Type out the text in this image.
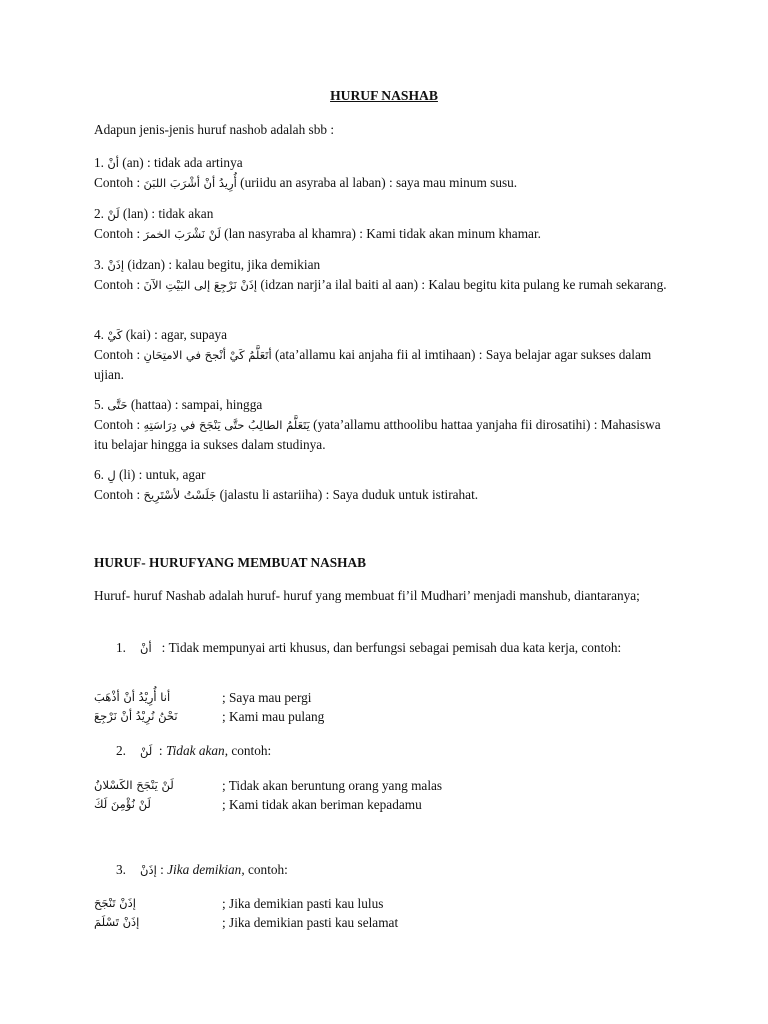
HURUF NASHAB
Adapun jenis-jenis huruf nashob adalah sbb :

1. أنْ (an) : tidak ada artinya

Contoh : أُرِيدُ أنْ أشْرَبَ اللبَنَ (uriidu an asyraba al laban) : saya mau minum susu.

2. لَنْ (lan) : tidak akan

Contoh : لَنْ نَشْرَبَ الخمرَ (lan nasyraba al khamra) : Kami tidak akan minum khamar.

3. إذَنْ (idzan) : kalau begitu, jika demikian

Contoh : إذَنْ نَرْجِعَ إلى البَيْتِ الآنَ (idzan narji’a ilal baiti al aan) : Kalau begitu kita pulang ke rumah sekarang.

4. كَيْ (kai) : agar, supaya

Contoh : أتَعَلَّمُ كَيْ أنْجحَ في الامتِحَانِ (ata’allamu kai anjaha fii al imtihaan) : Saya belajar agar sukses dalam ujian.

5. حَتَّى (hattaa) : sampai, hingga

Contoh : يَتَعَلَّمُ الطالِبُ حتَّى يَنْجَحَ في دِرَاسَتِهِ (yata’allamu atthoolibu hattaa yanjaha fii dirosatihi) : Mahasiswa itu belajar hingga ia sukses dalam studinya.

6. لِ (li) : untuk, agar

Contoh : جَلَسْتُ لأسْتَرِيحَ (jalastu li astariiha) : Saya duduk untuk istirahat.

HURUF- HURUFYANG MEMBUAT NASHAB
Huruf- huruf Nashab adalah huruf- huruf yang membuat fi’il Mudhari’ menjadi manshub, diantaranya;
1. أنْ : Tidak mempunyai arti khusus, dan berfungsi sebagai pemisah dua kata kerja, contoh:
أنا أُرِيْدُ أنْ أذْهَبَ	; Saya mau pergi
نَحْنُ نُرِيْدُ أنْ نَرْجِعَ	; Kami mau pulang
2. لَنْ : Tidak akan, contoh:
لَنْ يَنْجَحَ الكَسْلانُ	; Tidak akan beruntung orang yang malas
لَنْ نُؤْمِنَ لَكَ	; Kami tidak akan beriman kepadamu
3. إذَنْ : Jika demikian, contoh:
إذَنْ تَنْجَحَ	; Jika demikian pasti kau lulus
إذَنْ تَسْلَمَ	; Jika demikian pasti kau selamat
